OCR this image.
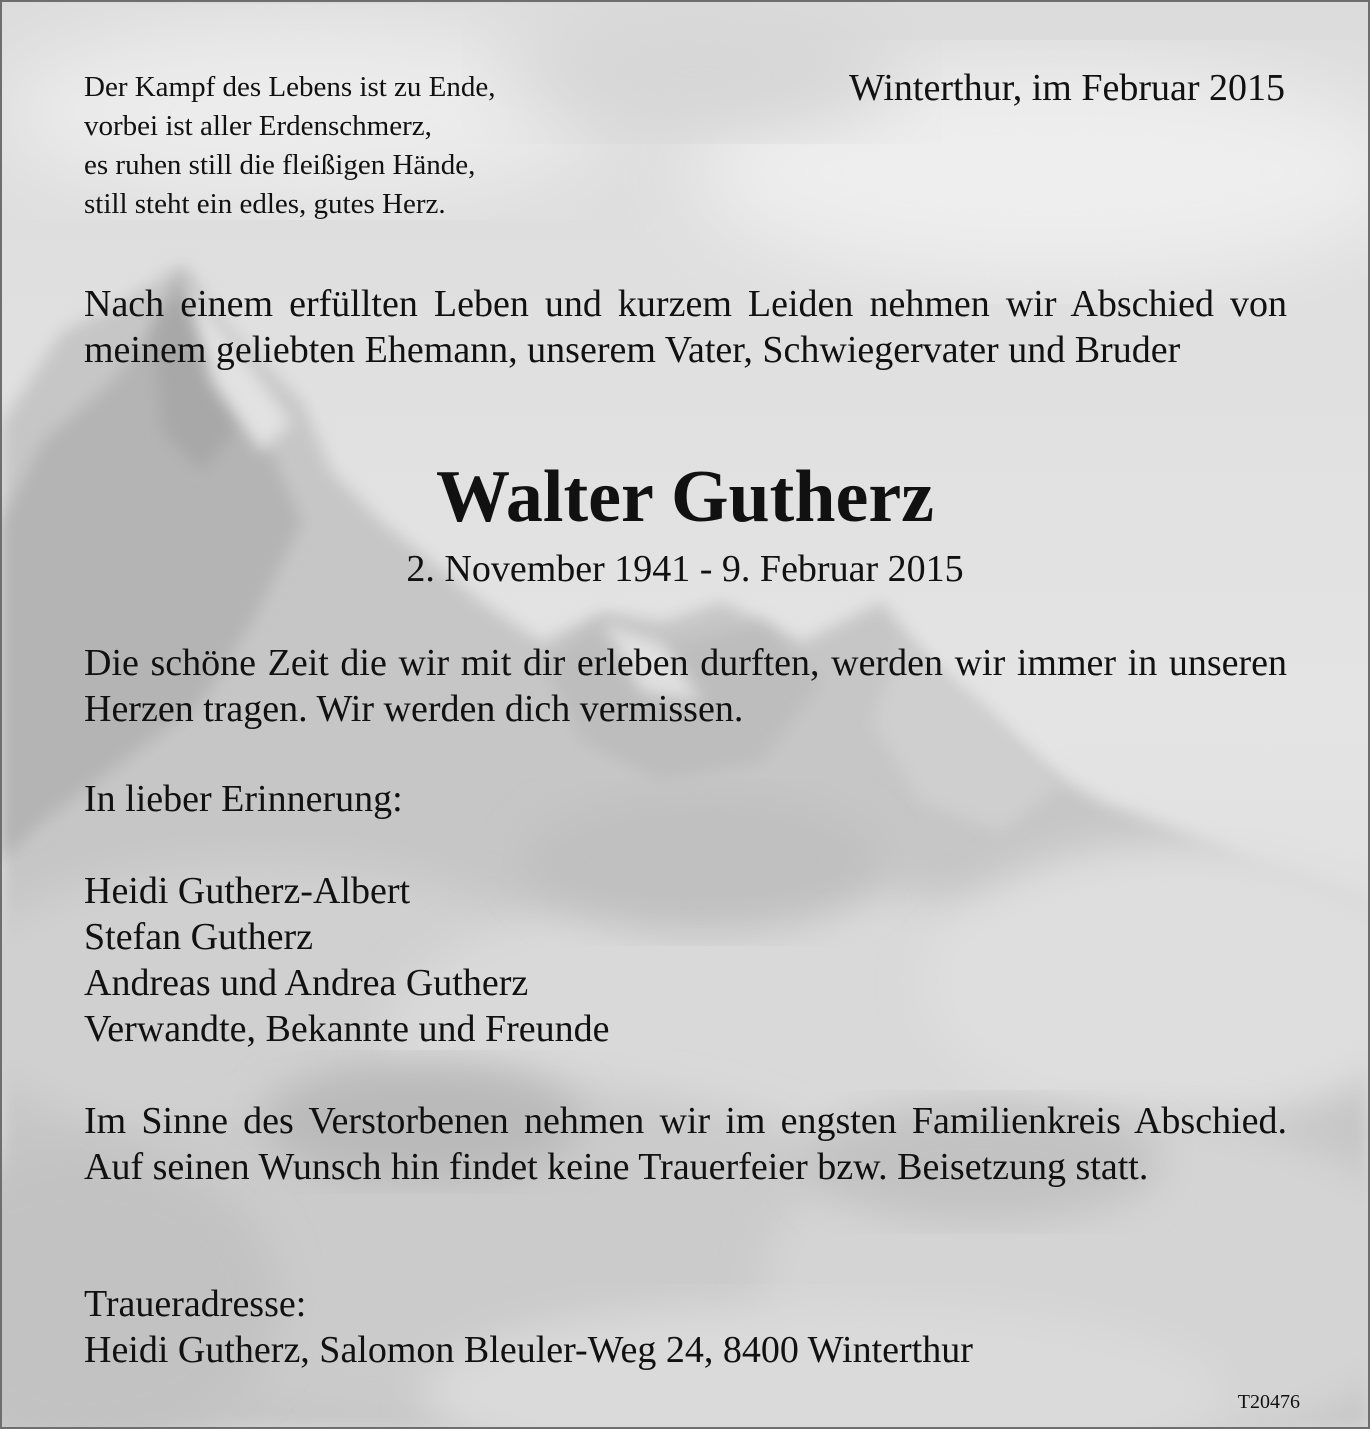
Der Kampf des Lebens ist zu Ende,
vorbei ist aller Erdenschmerz,
es ruhen still die fleißigen Hände,
still steht ein edles, gutes Herz.
Winterthur, im Februar 2015

Nach einem erfüllten Leben und kurzem Leiden nehmen wir Abschied von meinem geliebten Ehemann, unserem Vater, Schwiegervater und Bruder

Walter Gutherz
2. November 1941 - 9. Februar 2015

Die schöne Zeit die wir mit dir erleben durften, werden wir immer in unseren Herzen tragen. Wir werden dich vermissen.

In lieber Erinnerung:
Heidi Gutherz-Albert
Stefan Gutherz
Andreas und Andrea Gutherz
Verwandte, Bekannte und Freunde

Im Sinne des Verstorbenen nehmen wir im engsten Familienkreis Abschied. Auf seinen Wunsch hin findet keine Trauerfeier bzw. Beisetzung statt.

Traueradresse:
Heidi Gutherz, Salomon Bleuler-Weg 24, 8400 Winterthur
T20476
